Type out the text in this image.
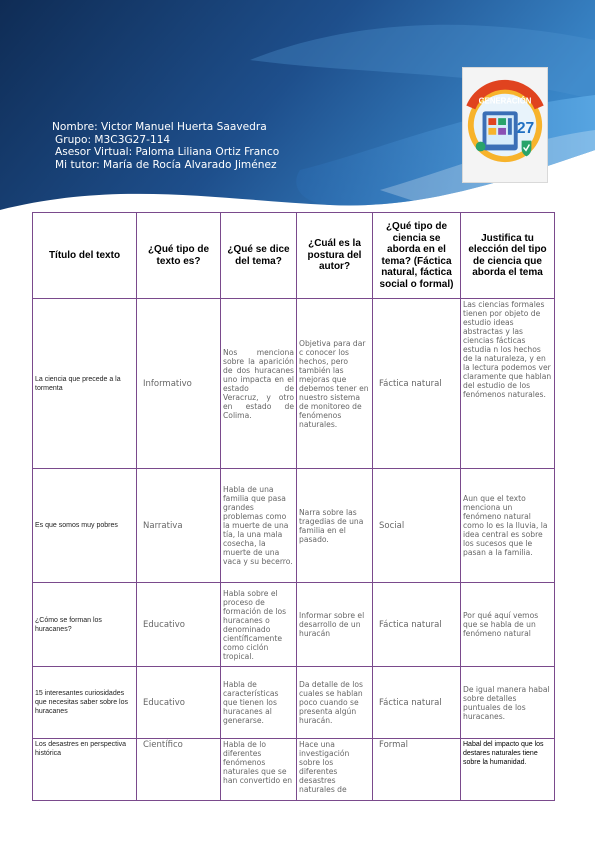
Nombre: Victor Manuel Huerta Saavedra
Grupo: M3C3G27-114
Asesor Virtual: Paloma Liliana Ortiz Franco
Mi tutor: María de Rocía Alvarado Jiménez
GENERACIÓN
27
Título del texto	¿Qué tipo de texto es?	¿Qué se dice del tema?	¿Cuál es la postura del autor?	¿Qué tipo de ciencia se aborda en el tema? (Fáctica natural, fáctica social o formal)	Justifica tu elección del tipo de ciencia que aborda el tema
La ciencia que precede a la tormenta	Informativo	Nos menciona sobre la aparición de dos huracanes uno impacta en el estado de Veracruz, y otro en estado de Colima.	Objetiva para dar c conocer los hechos, pero también las mejoras que debemos tener en nuestro sistema de monitoreo de fenómenos naturales.	Fáctica natural	Las ciencias formales tienen por objeto de estudio ideas abstractas y las ciencias fácticas estudia n los hechos de la naturaleza, y en la lectura podemos ver claramente que hablan del estudio de los fenómenos naturales.
Es que somos muy pobres	Narrativa	Habla de una familia que pasa grandes problemas como la muerte de una tía, la una mala cosecha, la muerte de una vaca y su becerro.	Narra sobre las tragedias de una familia en el pasado.	Social	Aun que el texto menciona un fenómeno natural como lo es la lluvia, la idea central es sobre los sucesos que le pasan a la familia.
¿Cómo se forman los huracanes?	Educativo	Habla sobre el proceso de formación de los huracanes o denominado científicamente como ciclón tropical.	Informar sobre el desarrollo de un huracán	Fáctica natural	Por qué aquí vemos que se habla de un fenómeno natural
15 interesantes curiosidades que necesitas saber sobre los huracanes	Educativo	Habla de características que tienen los huracanes al generarse.	Da detalle de los cuales se hablan poco cuando se presenta algún huracán.	Fáctica natural	De igual manera habal sobre detalles puntuales de los huracanes.
Los desastres en perspectiva histórica	Científico	Habla de lo diferentes fenómenos naturales que se han convertido en	Hace una investigación sobre los diferentes desastres naturales de	Formal	Habal del impacto que los destares naturales tiene sobre la humanidad.
